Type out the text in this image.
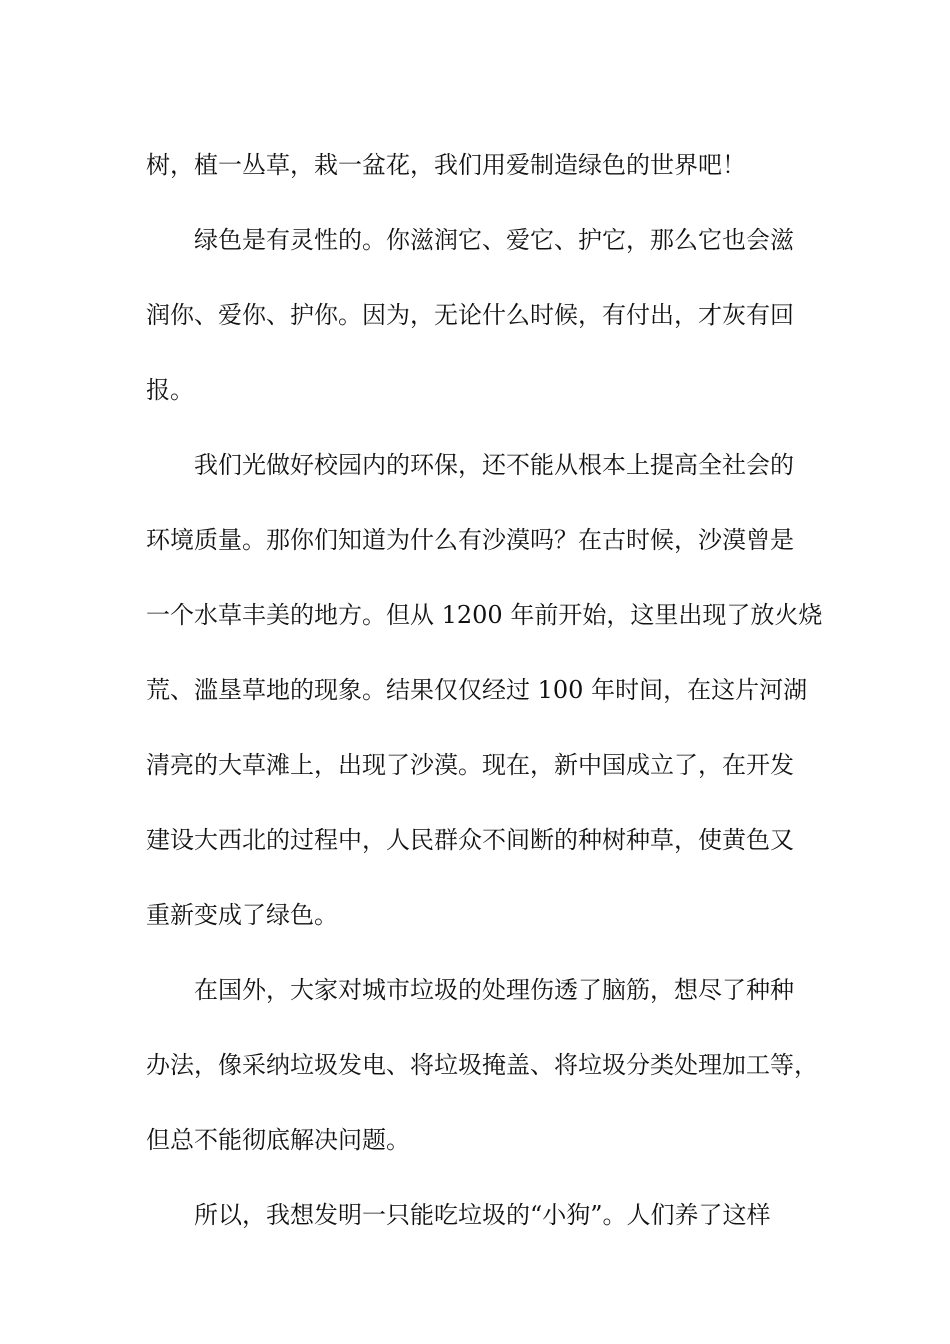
树，植一丛草，栽一盆花，我们用爱制造绿色的世界吧！
绿色是有灵性的。你滋润它、爱它、护它，那么它也会滋
润你、爱你、护你。因为，无论什么时候，有付出，才灰有回
报。
我们光做好校园内的环保，还不能从根本上提高全社会的
环境质量。那你们知道为什么有沙漠吗？在古时候，沙漠曾是
一个水草丰美的地方。但从 1200 年前开始，这里出现了放火烧
荒、滥垦草地的现象。结果仅仅经过 100 年时间，在这片河湖
清亮的大草滩上，出现了沙漠。现在，新中国成立了，在开发
建设大西北的过程中，人民群众不间断的种树种草，使黄色又
重新变成了绿色。
在国外，大家对城市垃圾的处理伤透了脑筋，想尽了种种
办法，像采纳垃圾发电、将垃圾掩盖、将垃圾分类处理加工等，
但总不能彻底解决问题。
所以，我想发明一只能吃垃圾的“小狗”。人们养了这样
